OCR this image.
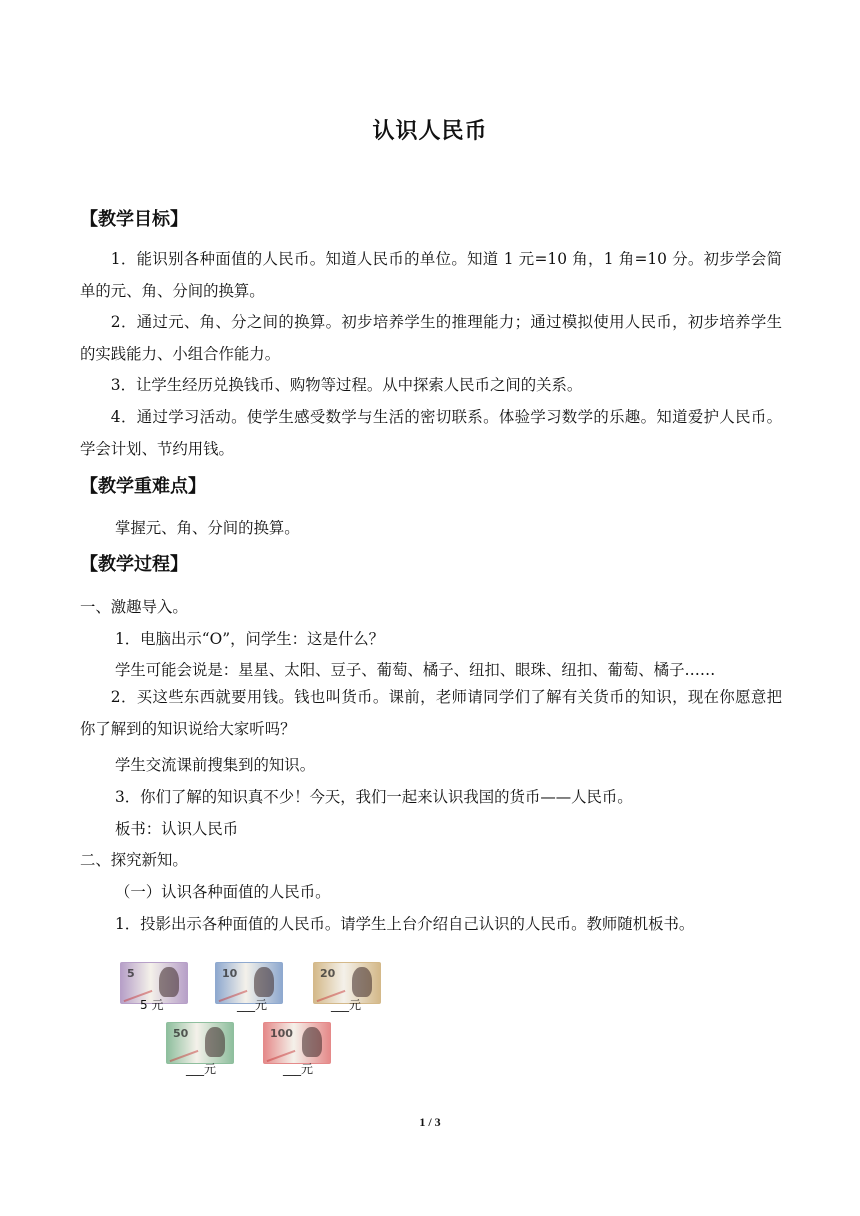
认识人民币
【教学目标】
1．能识别各种面值的人民币。知道人民币的单位。知道 1 元=10 角，1 角=10 分。初步学会简单的元、角、分间的换算。
2．通过元、角、分之间的换算。初步培养学生的推理能力；通过模拟使用人民币，初步培养学生的实践能力、小组合作能力。
3．让学生经历兑换钱币、购物等过程。从中探索人民币之间的关系。
4．通过学习活动。使学生感受数学与生活的密切联系。体验学习数学的乐趣。知道爱护人民币。学会计划、节约用钱。
【教学重难点】
掌握元、角、分间的换算。
【教学过程】
一、激趣导入。
1．电脑出示“O”，问学生：这是什么？
学生可能会说是：星星、太阳、豆子、葡萄、橘子、纽扣、眼珠、纽扣、葡萄、橘子……
2．买这些东西就要用钱。钱也叫货币。课前，老师请同学们了解有关货币的知识，现在你愿意把你了解到的知识说给大家听吗？
学生交流课前搜集到的知识。
3．你们了解的知识真不少！今天，我们一起来认识我国的货币——人民币。
板书：认识人民币
二、探究新知。
（一）认识各种面值的人民币。
1．投影出示各种面值的人民币。请学生上台介绍自己认识的人民币。教师随机板书。
5
5 元
10
___元
20
___元
50
___元
100
___元
1 / 3
